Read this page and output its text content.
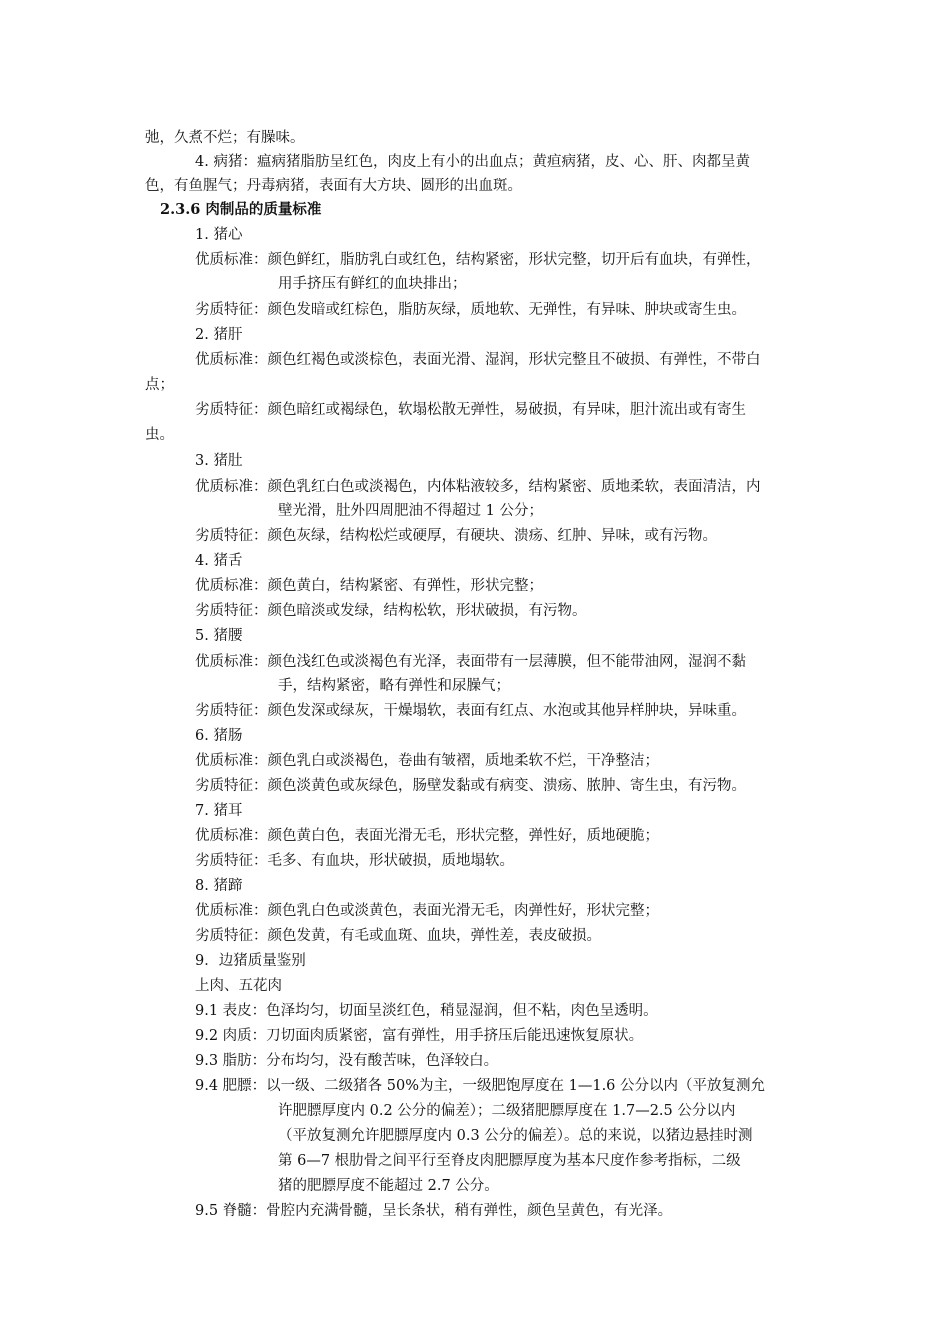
弛，久煮不烂；有臊味。
4. 病猪：瘟病猪脂肪呈红色，肉皮上有小的出血点；黄疸病猪，皮、心、肝、肉都呈黄
色，有鱼腥气；丹毒病猪，表面有大方块、圆形的出血斑。
2.3.6 肉制品的质量标准
1. 猪心
优质标准：颜色鲜红，脂肪乳白或红色，结构紧密，形状完整，切开后有血块，有弹性，
用手挤压有鲜红的血块排出；
劣质特征：颜色发暗或红棕色，脂肪灰绿，质地软、无弹性，有异味、肿块或寄生虫。
2. 猪肝
优质标准：颜色红褐色或淡棕色，表面光滑、湿润，形状完整且不破损、有弹性，不带白
点；
劣质特征：颜色暗红或褐绿色，软塌松散无弹性，易破损，有异味，胆汁流出或有寄生
虫。
3. 猪肚
优质标准：颜色乳红白色或淡褐色，内体粘液较多，结构紧密、质地柔软，表面清洁，内
壁光滑，肚外四周肥油不得超过 1 公分；
劣质特征：颜色灰绿，结构松烂或硬厚，有硬块、溃疡、红肿、异味，或有污物。
4. 猪舌
优质标准：颜色黄白，结构紧密、有弹性，形状完整；
劣质特征：颜色暗淡或发绿，结构松软，形状破损，有污物。
5. 猪腰
优质标准：颜色浅红色或淡褐色有光泽，表面带有一层薄膜，但不能带油网，湿润不黏
手，结构紧密，略有弹性和尿臊气；
劣质特征：颜色发深或绿灰，干燥塌软，表面有红点、水泡或其他异样肿块，异味重。
6. 猪肠
优质标准：颜色乳白或淡褐色，卷曲有皱褶，质地柔软不烂，干净整洁；
劣质特征：颜色淡黄色或灰绿色，肠壁发黏或有病变、溃疡、脓肿、寄生虫，有污物。
7. 猪耳
优质标准：颜色黄白色，表面光滑无毛，形状完整，弹性好，质地硬脆；
劣质特征：毛多、有血块，形状破损，质地塌软。
8. 猪蹄
优质标准：颜色乳白色或淡黄色，表面光滑无毛，肉弹性好，形状完整；
劣质特征：颜色发黄，有毛或血斑、血块，弹性差，表皮破损。
9．边猪质量鉴别
上肉、五花肉
9.1 表皮：色泽均匀，切面呈淡红色，稍显湿润，但不粘，肉色呈透明。
9.2 肉质：刀切面肉质紧密，富有弹性，用手挤压后能迅速恢复原状。
9.3 脂肪：分布均匀，没有酸苦味，色泽较白。
9.4 肥膘：以一级、二级猪各 50%为主，一级肥饱厚度在 1—1.6 公分以内（平放复测允
许肥膘厚度内 0.2 公分的偏差）；二级猪肥膘厚度在 1.7—2.5 公分以内
（平放复测允许肥膘厚度内 0.3 公分的偏差）。总的来说，以猪边悬挂时测
第 6—7 根肋骨之间平行至脊皮肉肥膘厚度为基本尺度作参考指标，二级
猪的肥膘厚度不能超过 2.7 公分。
9.5 脊髓：骨腔内充满骨髓，呈长条状，稍有弹性，颜色呈黄色，有光泽。
